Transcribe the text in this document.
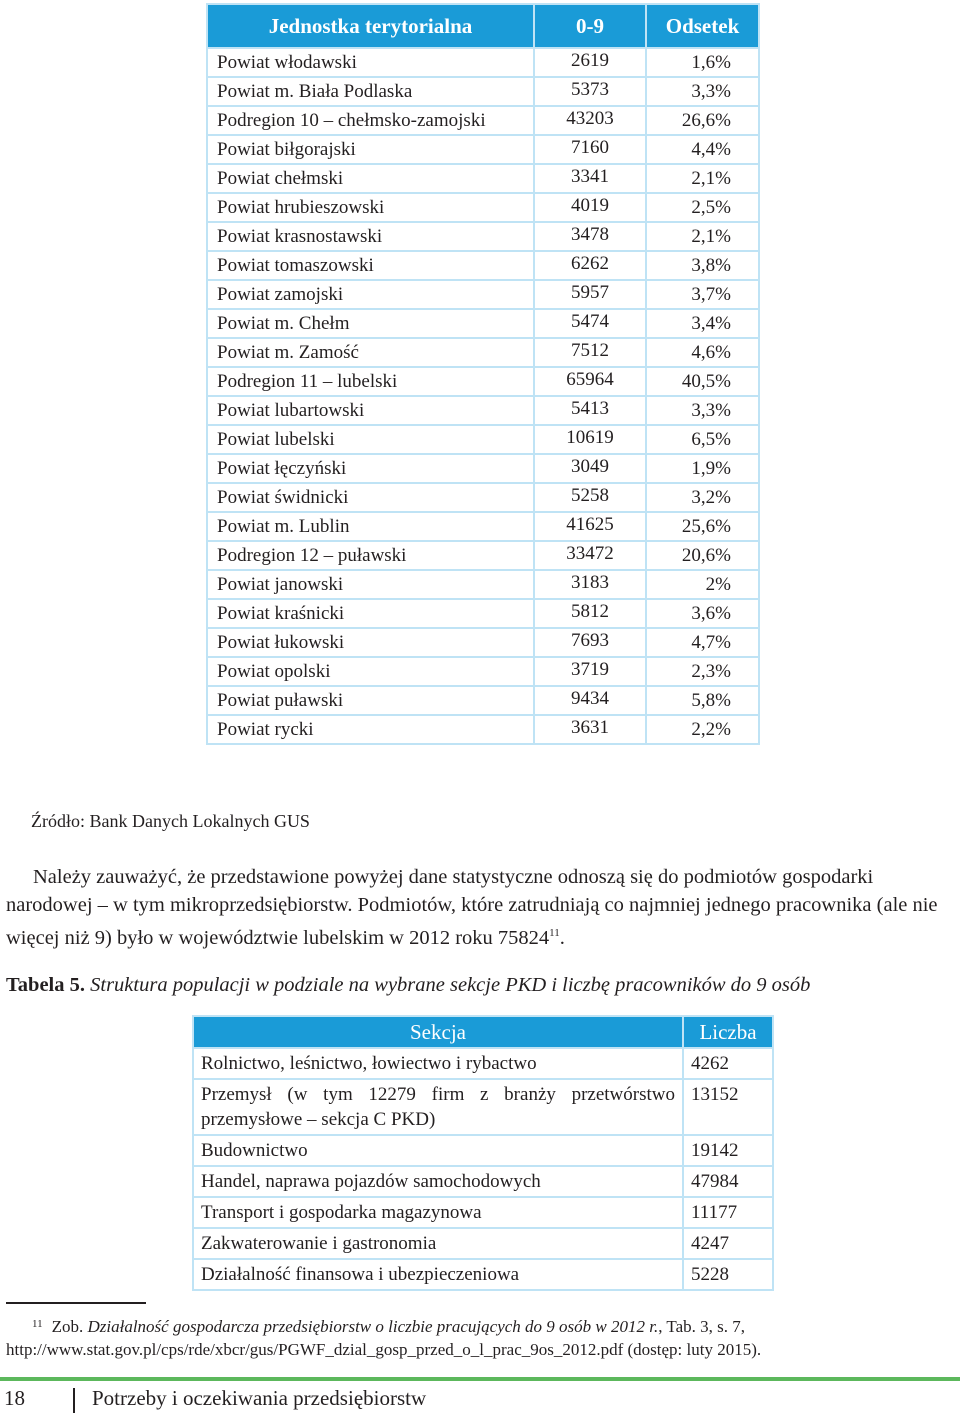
Jednostka terytorialna	0-9	Odsetek
Powiat włodawski	2619	1,6%
Powiat m. Biała Podlaska	5373	3,3%
Podregion 10 – chełmsko-zamojski	43203	26,6%
Powiat biłgorajski	7160	4,4%
Powiat chełmski	3341	2,1%
Powiat hrubieszowski	4019	2,5%
Powiat krasnostawski	3478	2,1%
Powiat tomaszowski	6262	3,8%
Powiat zamojski	5957	3,7%
Powiat m. Chełm	5474	3,4%
Powiat m. Zamość	7512	4,6%
Podregion 11 – lubelski	65964	40,5%
Powiat lubartowski	5413	3,3%
Powiat lubelski	10619	6,5%
Powiat łęczyński	3049	1,9%
Powiat świdnicki	5258	3,2%
Powiat m. Lublin	41625	25,6%
Podregion 12 – puławski	33472	20,6%
Powiat janowski	3183	2%
Powiat kraśnicki	5812	3,6%
Powiat łukowski	7693	4,7%
Powiat opolski	3719	2,3%
Powiat puławski	9434	5,8%
Powiat rycki	3631	2,2%
Źródło: Bank Danych Lokalnych GUS
Należy zauważyć, że przedstawione powyżej dane statystyczne odnoszą się do podmiotów gospodarki narodowej – w tym mikroprzedsiębiorstw. Podmiotów, które zatrudniają co najmniej jednego pracownika (ale nie więcej niż 9) było w województwie lubelskim w 2012 roku 75824$^{11}$.
Tabela 5. Struktura populacji w podziale na wybrane sekcje PKD i liczbę pracowników do 9 osób
Sekcja	Liczba
Rolnictwo, leśnictwo, łowiectwo i rybactwo	4262
Przemysł (w tym 12279 firm z branży przetwórstwo przemysłowe – sekcja C PKD)	13152
Budownictwo	19142
Handel, naprawa pojazdów samochodowych	47984
Transport i gospodarka magazynowa	11177
Zakwaterowanie i gastronomia	4247
Działalność finansowa i ubezpieczeniowa	5228
$^{11}$ Zob. Działalność gospodarcza przedsiębiorstw o liczbie pracujących do 9 osób w 2012 r., Tab. 3, s. 7, http://www.stat.gov.pl/cps/rde/xbcr/gus/PGWF_dzial_gosp_przed_o_l_prac_9os_2012.pdf (dostęp: luty 2015).
18	Potrzeby i oczekiwania przedsiębiorstw
